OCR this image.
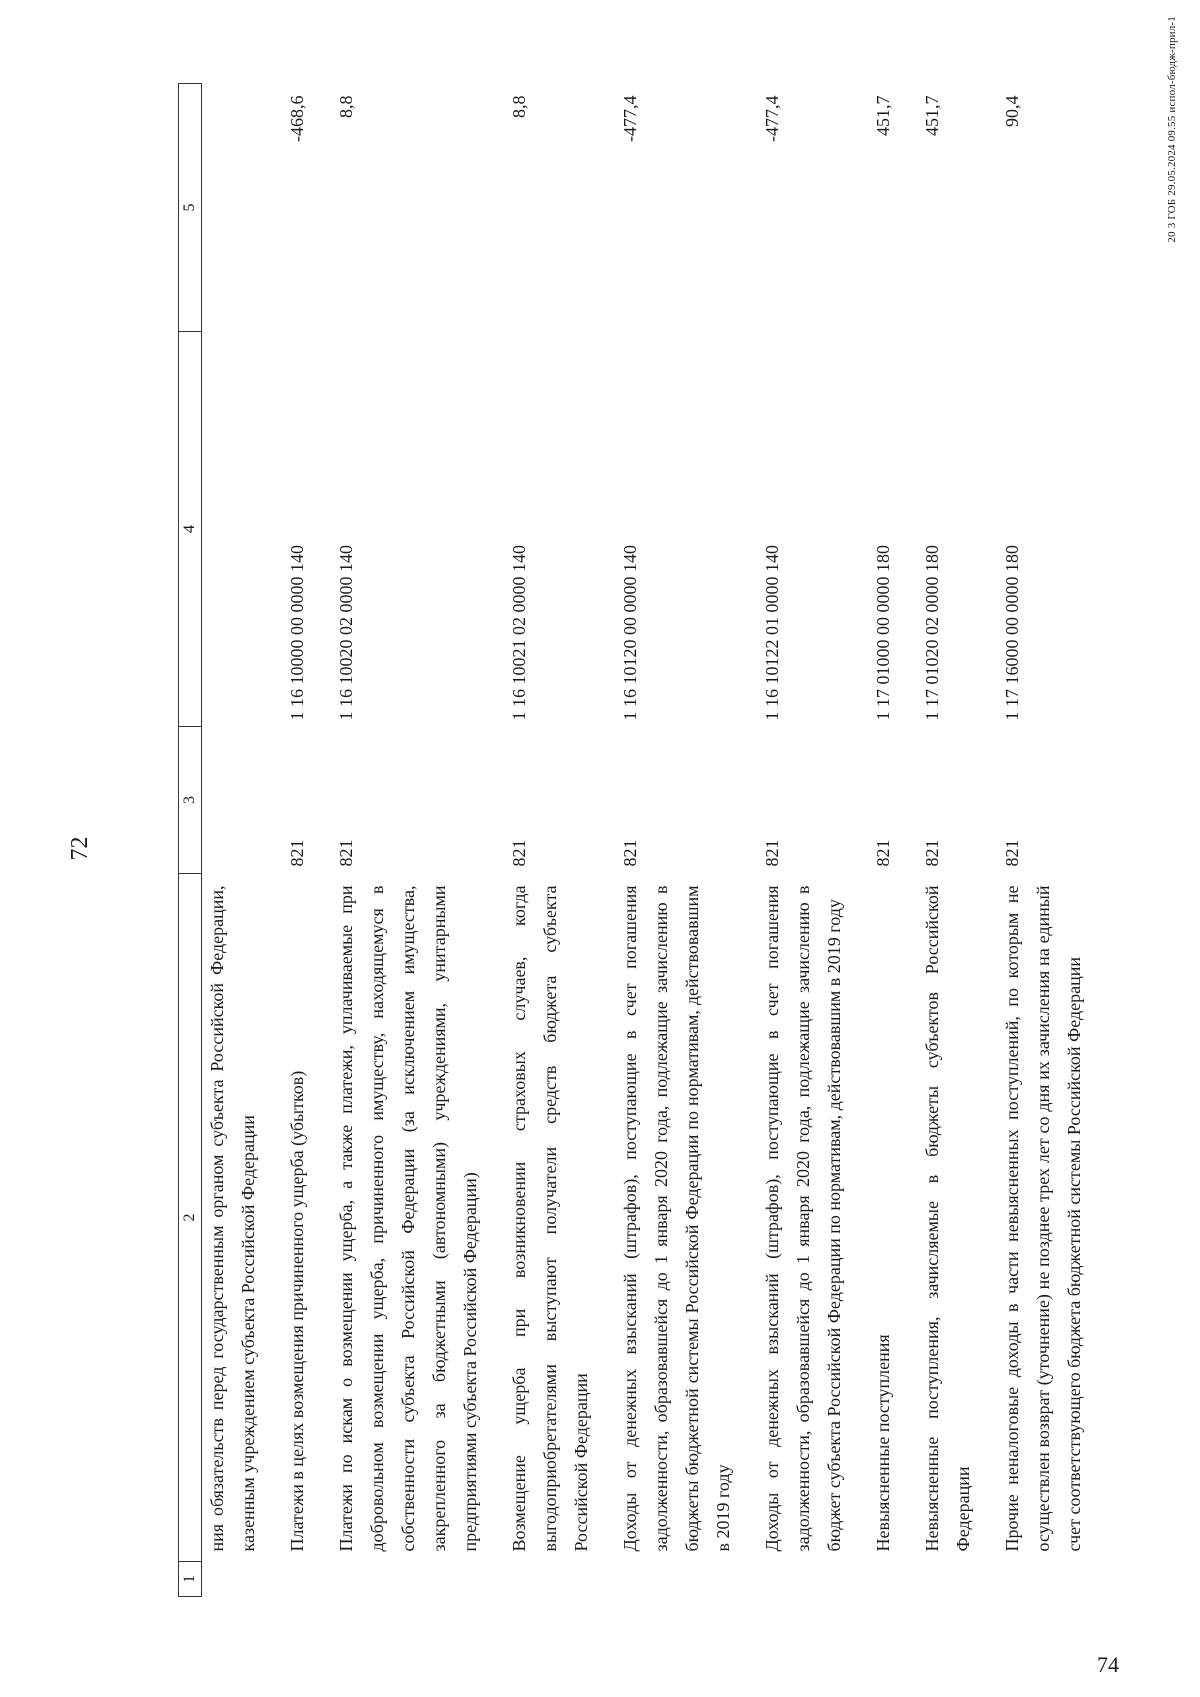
72
1	2	3	4	5
	ния обязательств перед государственным органом субъекта Российской Федерации, казенным учреждением субъекта Российской Федерации			
	Платежи в целях возмещения причиненного ущерба (убытков)	821	1 16 10000 00 0000 140	-468,6
	Платежи по искам о возмещении ущерба, а также платежи, уплачиваемые при добровольном возмещении ущерба, причиненного имуществу, находящемуся в собственности субъекта Российской Федерации (за исключением имущества, закрепленного за бюджетными (автономными) учреждениями, унитарными предприятиями субъекта Российской Федерации)	821	1 16 10020 02 0000 140	8,8
	Возмещение ущерба при возникновении страховых случаев, когда выгодоприобретателями выступают получатели средств бюджета субъекта Российской Федерации	821	1 16 10021 02 0000 140	8,8
	Доходы от денежных взысканий (штрафов), поступающие в счет погашения задолженности, образовавшейся до 1 января 2020 года, подлежащие зачислению в бюджеты бюджетной системы Российской Федерации по нормативам, действовавшим в 2019 году	821	1 16 10120 00 0000 140	-477,4
	Доходы от денежных взысканий (штрафов), поступающие в счет погашения задолженности, образовавшейся до 1 января 2020 года, подлежащие зачислению в бюджет субъекта Российской Федерации по нормативам, действовавшим в 2019 году	821	1 16 10122 01 0000 140	-477,4
	Невыясненные поступления	821	1 17 01000 00 0000 180	451,7
	Невыясненные поступления, зачисляемые в бюджеты субъектов Российской Федерации	821	1 17 01020 02 0000 180	451,7
	Прочие неналоговые доходы в части невыясненных поступлений, по которым не осуществлен возврат (уточнение) не позднее трех лет со дня их зачисления на единый счет соответствующего бюджета бюджетной системы Российской Федерации	821	1 17 16000 00 0000 180	90,4	20 3 ГОБ 29.05.2024 09.55 испол-бюдж-прил-1
74
